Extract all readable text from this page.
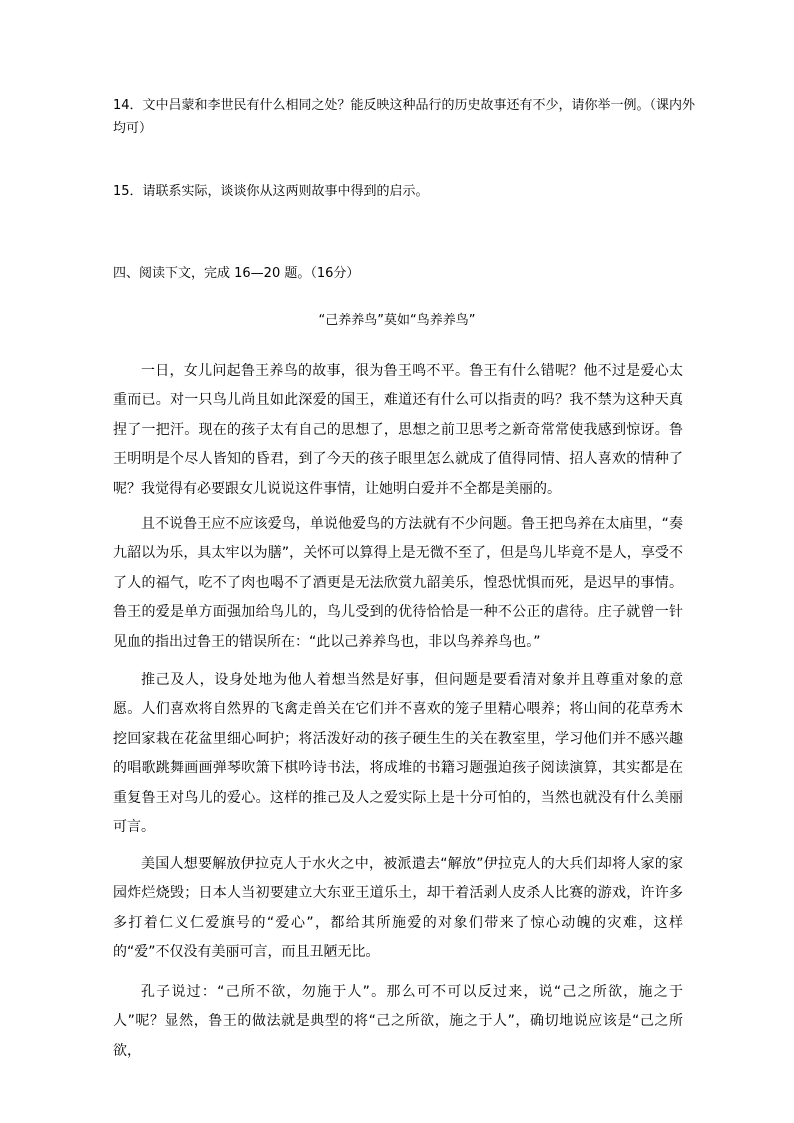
14．文中吕蒙和李世民有什么相同之处？能反映这种品行的历史故事还有不少，请你举一例。（课内外均可）

15．请联系实际，谈谈你从这两则故事中得到的启示。

四、阅读下文，完成 16—20 题。（16分）

“己养养鸟”莫如“鸟养养鸟”

一日，女儿问起鲁王养鸟的故事，很为鲁王鸣不平。鲁王有什么错呢？他不过是爱心太重而已。对一只鸟儿尚且如此深爱的国王，难道还有什么可以指责的吗？我不禁为这种天真捏了一把汗。现在的孩子太有自己的思想了，思想之前卫思考之新奇常常使我感到惊讶。鲁王明明是个尽人皆知的昏君，到了今天的孩子眼里怎么就成了值得同情、招人喜欢的情种了呢？我觉得有必要跟女儿说说这件事情，让她明白爱并不全都是美丽的。

且不说鲁王应不应该爱鸟，单说他爱鸟的方法就有不少问题。鲁王把鸟养在太庙里，“奏九韶以为乐，具太牢以为膳”，关怀可以算得上是无微不至了，但是鸟儿毕竟不是人，享受不了人的福气，吃不了肉也喝不了酒更是无法欣赏九韶美乐，惶恐忧惧而死，是迟早的事情。鲁王的爱是单方面强加给鸟儿的，鸟儿受到的优待恰恰是一种不公正的虐待。庄子就曾一针见血的指出过鲁王的错误所在：“此以己养养鸟也，非以鸟养养鸟也。”

推己及人，设身处地为他人着想当然是好事，但问题是要看清对象并且尊重对象的意愿。人们喜欢将自然界的飞禽走兽关在它们并不喜欢的笼子里精心喂养；将山间的花草秀木挖回家栽在花盆里细心呵护；将活泼好动的孩子硬生生的关在教室里，学习他们并不感兴趣的唱歌跳舞画画弹琴吹箫下棋吟诗书法，将成堆的书籍习题强迫孩子阅读演算，其实都是在重复鲁王对鸟儿的爱心。这样的推己及人之爱实际上是十分可怕的，当然也就没有什么美丽可言。

美国人想要解放伊拉克人于水火之中，被派遣去“解放”伊拉克人的大兵们却将人家的家园炸烂烧毁；日本人当初要建立大东亚王道乐土，却干着活剥人皮杀人比赛的游戏，许许多多打着仁义仁爱旗号的“爱心”，都给其所施爱的对象们带来了惊心动魄的灾难，这样的“爱”不仅没有美丽可言，而且丑陋无比。

孔子说过：“己所不欲，勿施于人”。那么可不可以反过来，说“己之所欲，施之于人”呢？显然，鲁王的做法就是典型的将“己之所欲，施之于人”，确切地说应该是“己之所欲，
